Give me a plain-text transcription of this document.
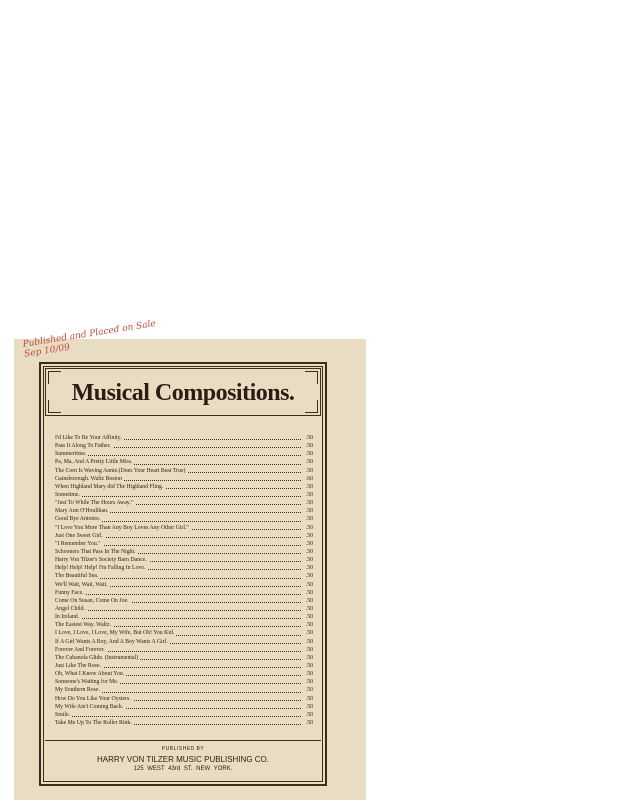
Published and Placed on Sale Sep 10/09
Musical Compositions.
I'd Like To Be Your Affinity.	.50
Pass It Along To Father.	.50
Summertime.	.50
Pa, Ma, And A Pretty Little Miss.	.50
The Corn Is Waving Annie.(Does Your Heart Beat True)	.50
Gainsborough. Waltz Boston	.60
When Highland Mary did The Highland Fling.	.50
Sometime.	.50
"Just To While The Hours Away."	.50
Mary Ann O'Houlihan.	.50
Good Bye Antonio.	.50
"I Love You More Than Any Boy Loves Any Other Girl."	.50
Just One Sweet Girl.	.50
"I Remember You."	.50
Schooners That Pass In The Night.	.50
Harry Von Tilzer's Society Barn Dance.	.50
Help! Help! Help! I'm Falling In Love.	.50
The Beautiful Sea.	.50
We'll Wait, Wait, Wait.	.50
Funny Face.	.50
Come On Susan, Come On Joe.	.50
Angel Child.	.50
In Ireland.	.50
The Easiest Way. Waltz.	.50
I Love, I Love, I Love, My Wife, But Oh! You Kid.	.50
If A Girl Wants A Boy, And A Boy Wants A Girl.	.50
Forever And Forever.	.50
The Cubanola Glide. (Instrumental)	.50
Just Like The Rose.	.50
Oh, What I Know About You.	.50
Someone's Waiting for Me.	.50
My Southern Rose.	.50
How Do You Like Your Oysters.	.50
My Wife Ain't Coming Back.	.50
Smile.	.50
Take Me Up To The Roller Rink.	.50
PUBLISHED BY
HARRY VON TILZER MUSIC PUBLISHING CO.
125 WEST 43rd ST. NEW YORK.
